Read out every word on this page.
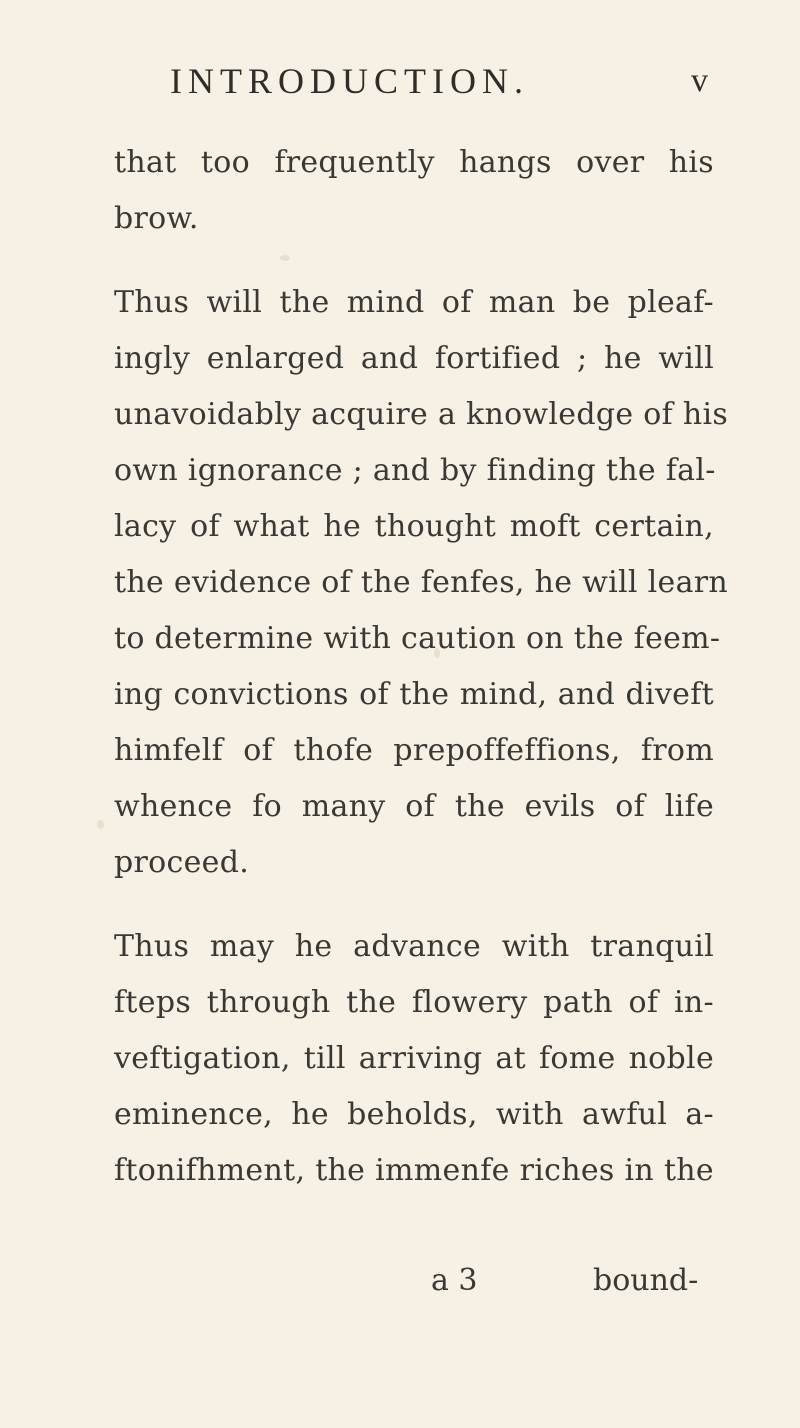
INTRODUCTION.	v
that too frequently hangs over his
brow.
Thus will the mind of man be pleaf-
ingly enlarged and fortified ; he will
unavoidably acquire a knowledge of his
own ignorance ; and by finding the fal-
lacy of what he thought moft certain,
the evidence of the fenfes, he will learn
to determine with caution on the feem-
ing convictions of the mind, and diveft
himfelf of thofe prepoffeffions, from
whence fo many of the evils of life
proceed.
Thus may he advance with tranquil
fteps through the flowery path of in-
veftigation, till arriving at fome noble
eminence, he beholds, with awful a-
ftonifhment, the immenfe riches in the
a 3	bound-
